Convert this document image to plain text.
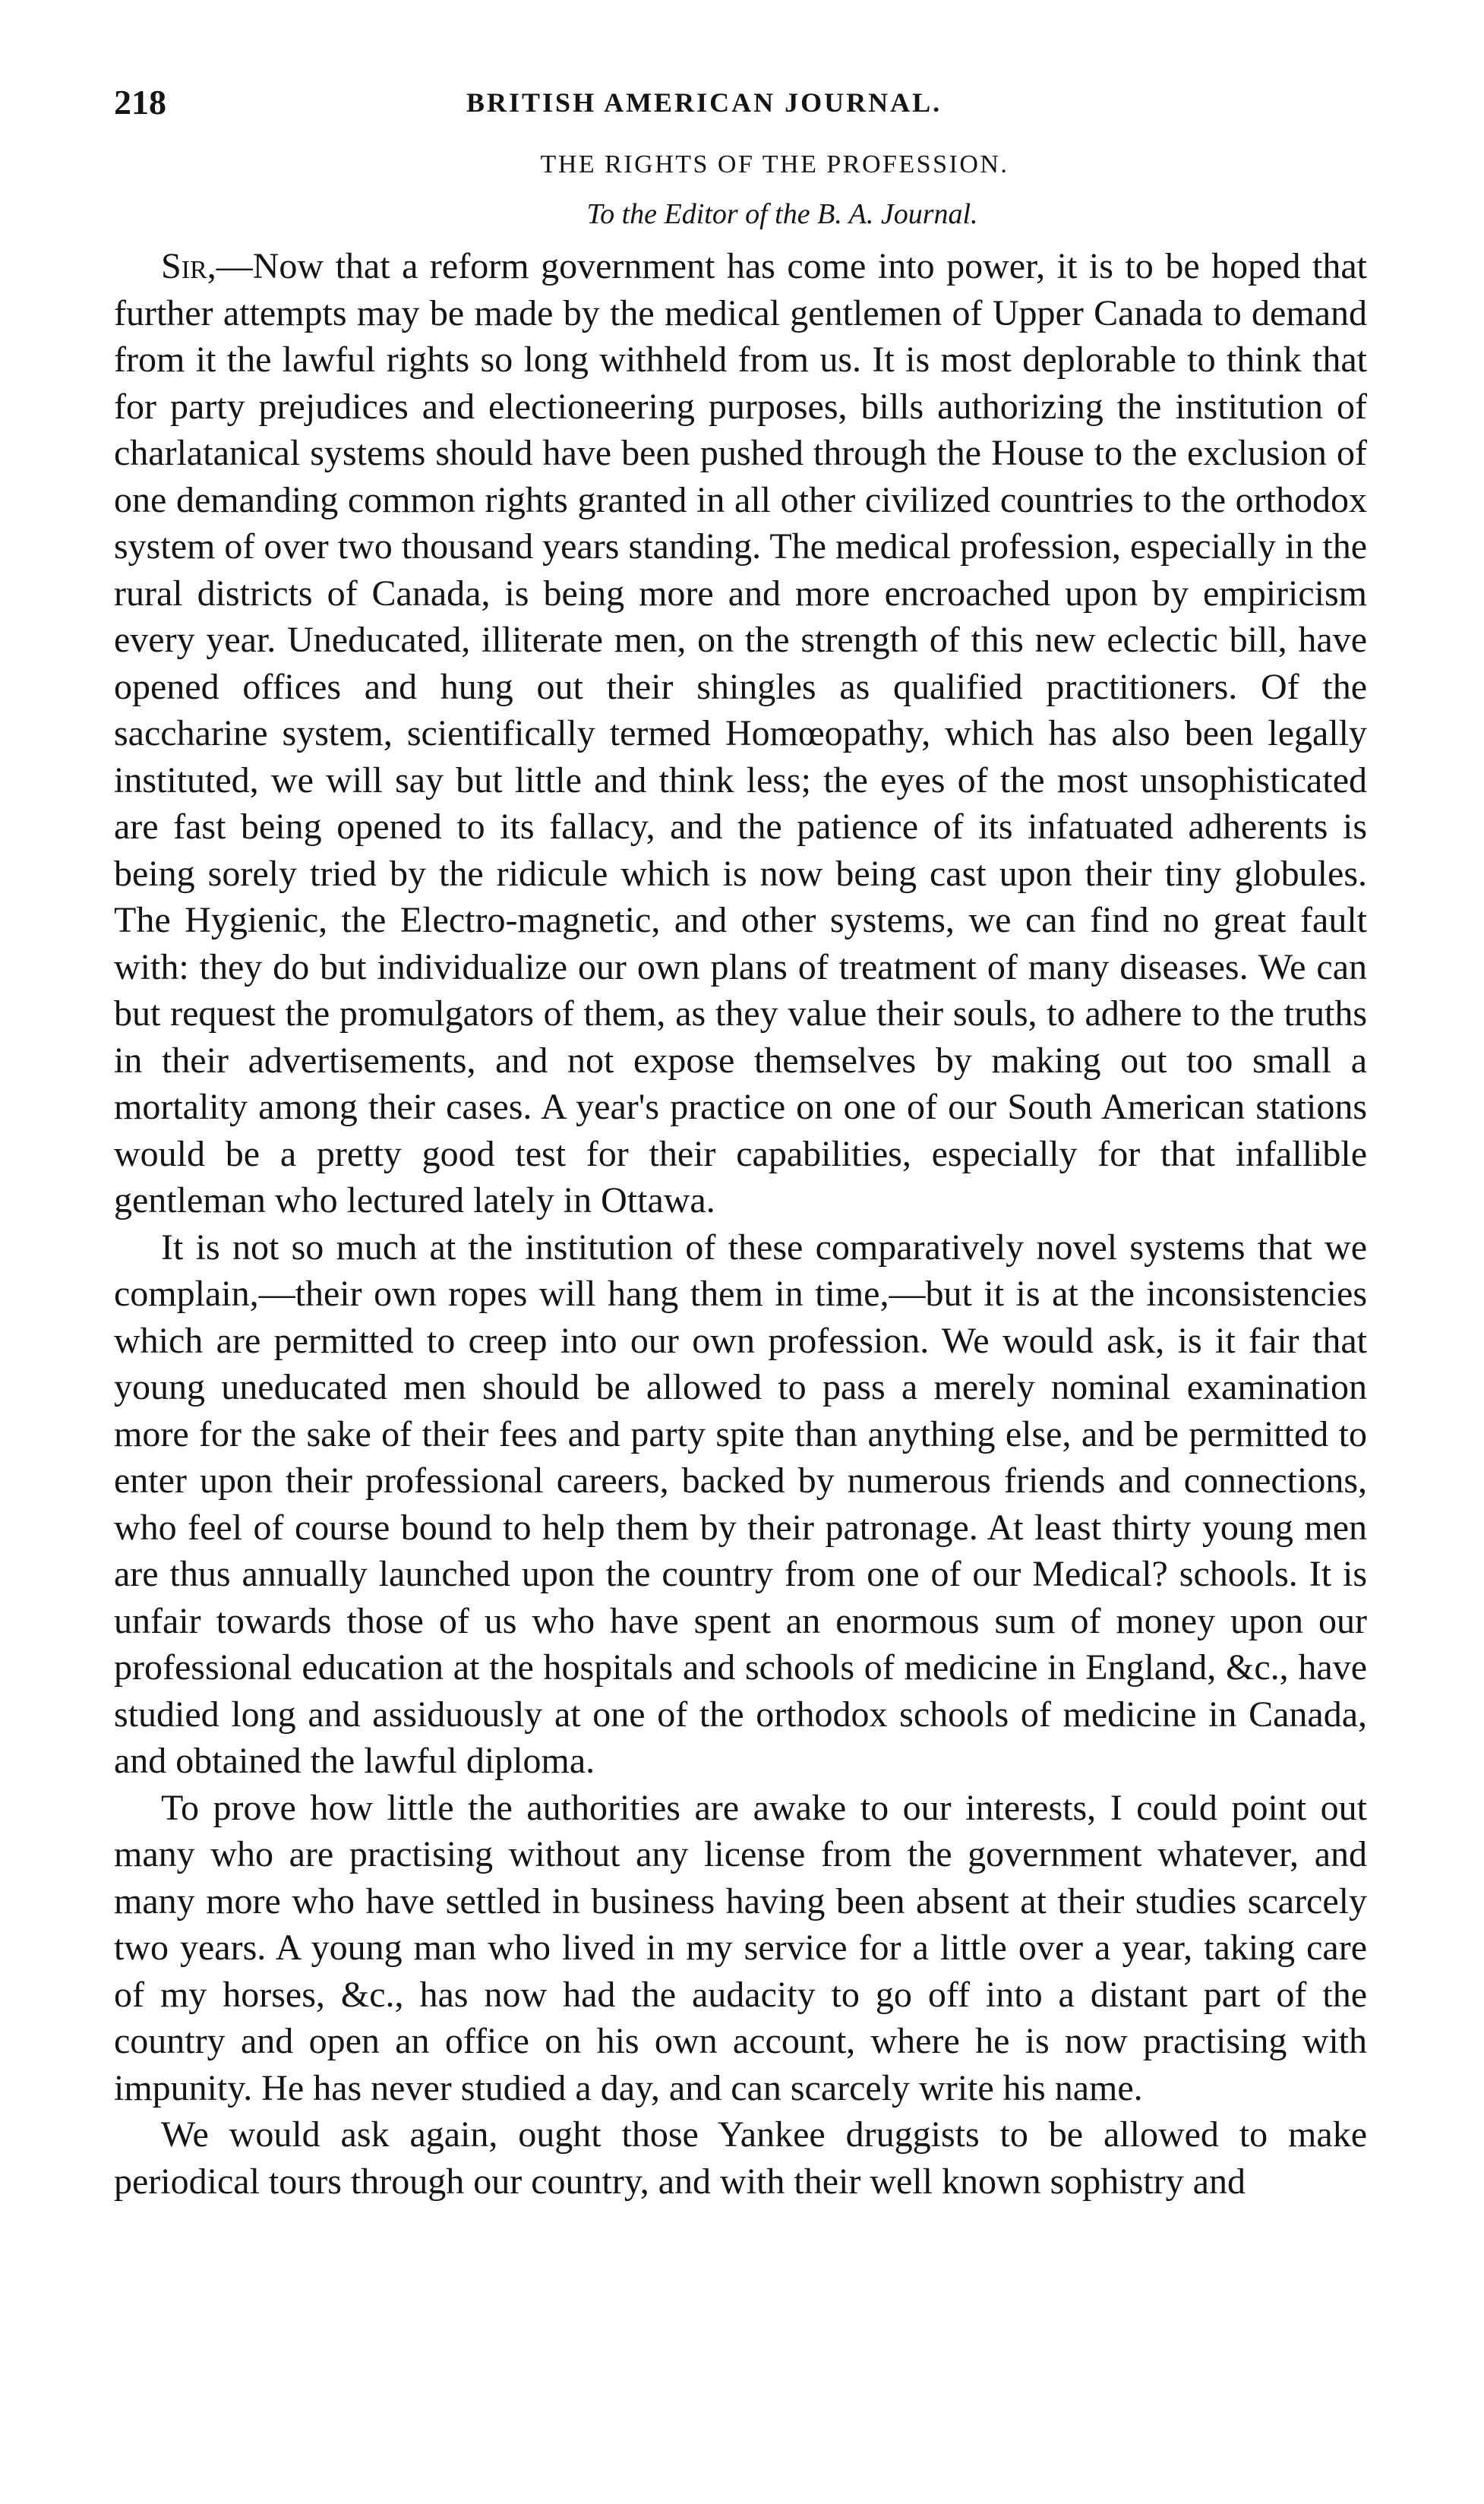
218	BRITISH AMERICAN JOURNAL.
THE RIGHTS OF THE PROFESSION.
To the Editor of the B. A. Journal.

Sir,—Now that a reform government has come into power, it is to be hoped that further attempts may be made by the medical gentlemen of Upper Canada to demand from it the lawful rights so long withheld from us. It is most deplorable to think that for party prejudices and electioneering purposes, bills authorizing the institution of charlatanical systems should have been pushed through the House to the exclusion of one demanding common rights granted in all other civilized countries to the orthodox system of over two thousand years standing. The medical profession, especially in the rural districts of Canada, is being more and more encroached upon by empiricism every year. Uneducated, illiterate men, on the strength of this new eclectic bill, have opened offices and hung out their shingles as qualified practitioners. Of the saccharine system, scientifically termed Homœopathy, which has also been legally instituted, we will say but little and think less; the eyes of the most unsophisticated are fast being opened to its fallacy, and the patience of its infatuated adherents is being sorely tried by the ridicule which is now being cast upon their tiny globules. The Hygienic, the Electro-magnetic, and other systems, we can find no great fault with: they do but individualize our own plans of treatment of many diseases. We can but request the promulgators of them, as they value their souls, to adhere to the truths in their advertisements, and not expose themselves by making out too small a mortality among their cases. A year's practice on one of our South American stations would be a pretty good test for their capabilities, especially for that infallible gentleman who lectured lately in Ottawa.

It is not so much at the institution of these comparatively novel systems that we complain,—their own ropes will hang them in time,—but it is at the inconsistencies which are permitted to creep into our own profession. We would ask, is it fair that young uneducated men should be allowed to pass a merely nominal examination more for the sake of their fees and party spite than anything else, and be permitted to enter upon their professional careers, backed by numerous friends and connections, who feel of course bound to help them by their patronage. At least thirty young men are thus annually launched upon the country from one of our Medical? schools. It is unfair towards those of us who have spent an enormous sum of money upon our professional education at the hospitals and schools of medicine in England, &c., have studied long and assiduously at one of the orthodox schools of medicine in Canada, and obtained the lawful diploma.

To prove how little the authorities are awake to our interests, I could point out many who are practising without any license from the government whatever, and many more who have settled in business having been absent at their studies scarcely two years. A young man who lived in my service for a little over a year, taking care of my horses, &c., has now had the audacity to go off into a distant part of the country and open an office on his own account, where he is now practising with impunity. He has never studied a day, and can scarcely write his name.

We would ask again, ought those Yankee druggists to be allowed to make periodical tours through our country, and with their well known sophistry and
